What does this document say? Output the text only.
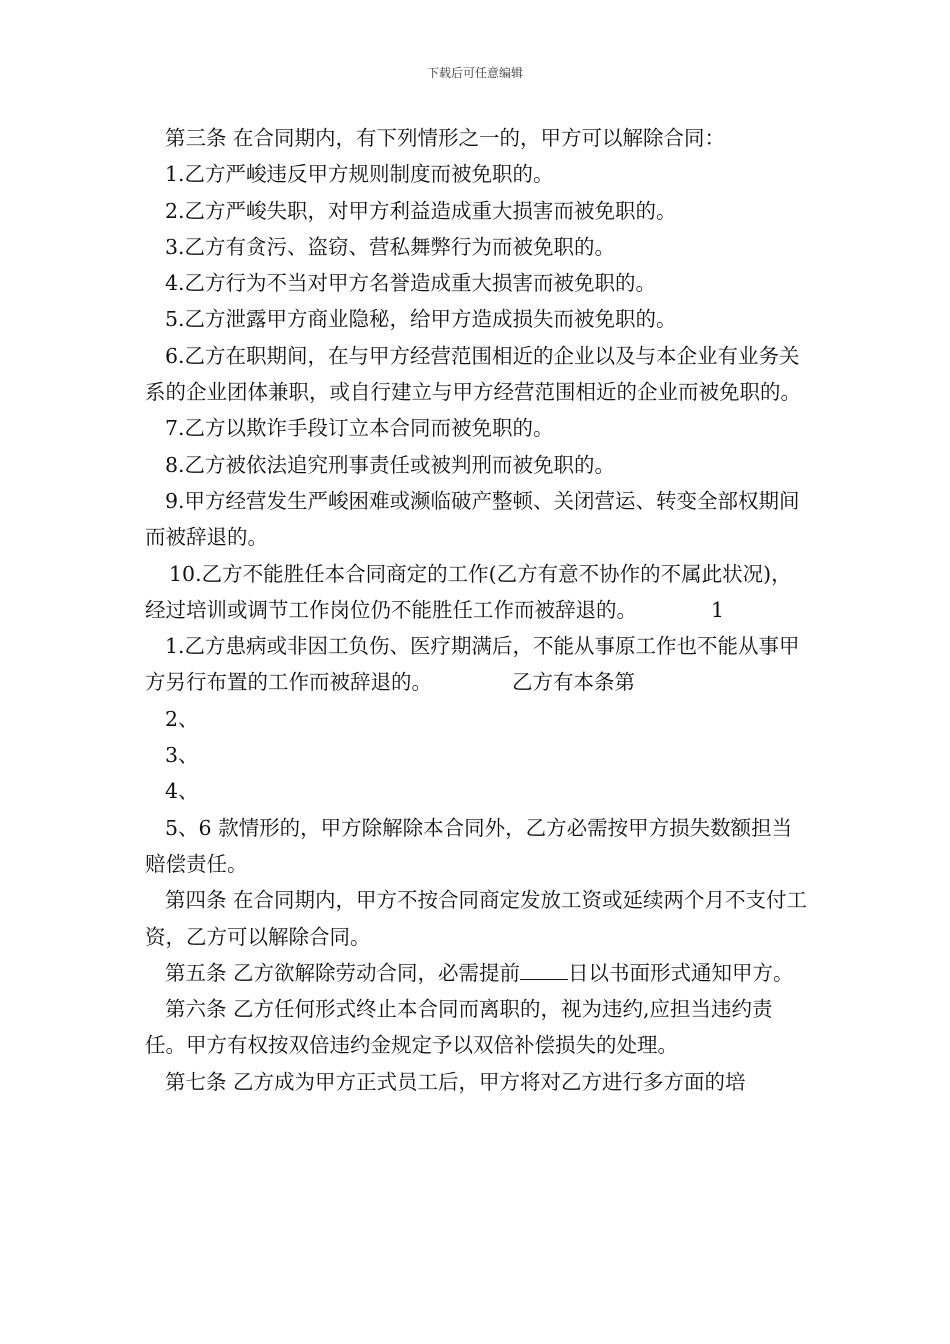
下载后可任意编辑

第三条 在合同期内，有下列情形之一的，甲方可以解除合同：

1.乙方严峻违反甲方规则制度而被免职的。

2.乙方严峻失职，对甲方利益造成重大损害而被免职的。

3.乙方有贪污、盗窃、营私舞弊行为而被免职的。

4.乙方行为不当对甲方名誉造成重大损害而被免职的。

5.乙方泄露甲方商业隐秘，给甲方造成损失而被免职的。

6.乙方在职期间，在与甲方经营范围相近的企业以及与本企业有业务关系的企业团体兼职，或自行建立与甲方经营范围相近的企业而被免职的。

7.乙方以欺诈手段订立本合同而被免职的。

8.乙方被依法追究刑事责任或被判刑而被免职的。

9.甲方经营发生严峻困难或濒临破产整顿、关闭营运、转变全部权期间而被辞退的。

10.乙方不能胜任本合同商定的工作(乙方有意不协作的不属此状况)，经过培训或调节工作岗位仍不能胜任工作而被辞退的。	1

1.乙方患病或非因工负伤、医疗期满后，不能从事原工作也不能从事甲方另行布置的工作而被辞退的。	乙方有本条第

2、

3、

4、

5、6 款情形的，甲方除解除本合同外，乙方必需按甲方损失数额担当赔偿责任。

第四条 在合同期内，甲方不按合同商定发放工资或延续两个月不支付工资，乙方可以解除合同。

第五条 乙方欲解除劳动合同，必需提前 日以书面形式通知甲方。

第六条 乙方任何形式终止本合同而离职的，视为违约,应担当违约责任。甲方有权按双倍违约金规定予以双倍补偿损失的处理。

第七条 乙方成为甲方正式员工后，甲方将对乙方进行多方面的培
